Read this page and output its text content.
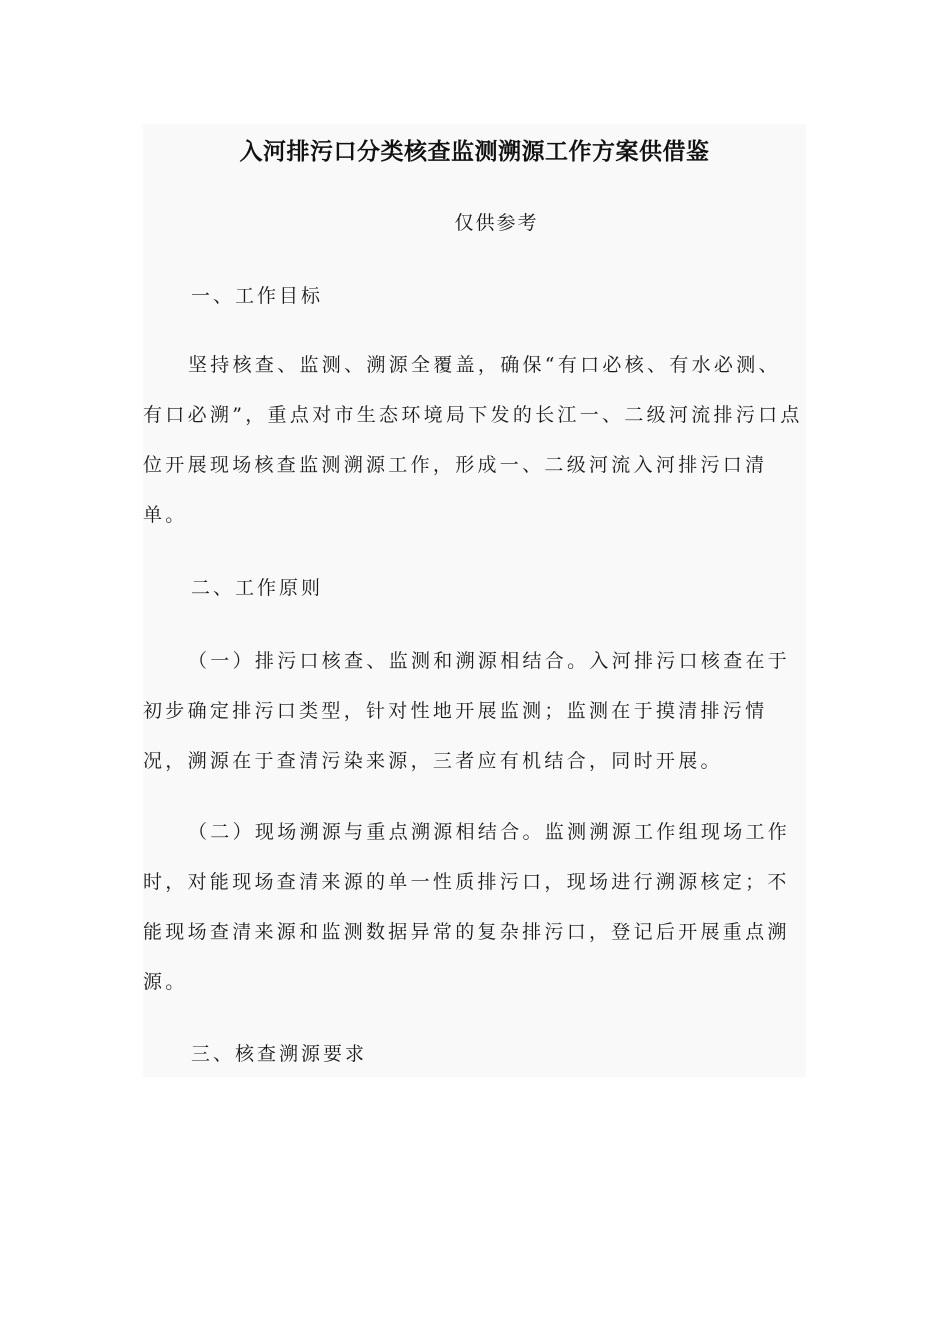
入河排污口分类核查监测溯源工作方案供借鉴

仅供参考

一、工作目标

坚持核查、监测、溯源全覆盖，确保“有口必核、有水必测、有口必溯”，重点对市生态环境局下发的长江一、二级河流排污口点位开展现场核查监测溯源工作，形成一、二级河流入河排污口清单。

二、工作原则

（一）排污口核查、监测和溯源相结合。入河排污口核查在于初步确定排污口类型，针对性地开展监测；监测在于摸清排污情况，溯源在于查清污染来源，三者应有机结合，同时开展。

（二）现场溯源与重点溯源相结合。监测溯源工作组现场工作时，对能现场查清来源的单一性质排污口，现场进行溯源核定；不能现场查清来源和监测数据异常的复杂排污口，登记后开展重点溯源。

三、核查溯源要求
